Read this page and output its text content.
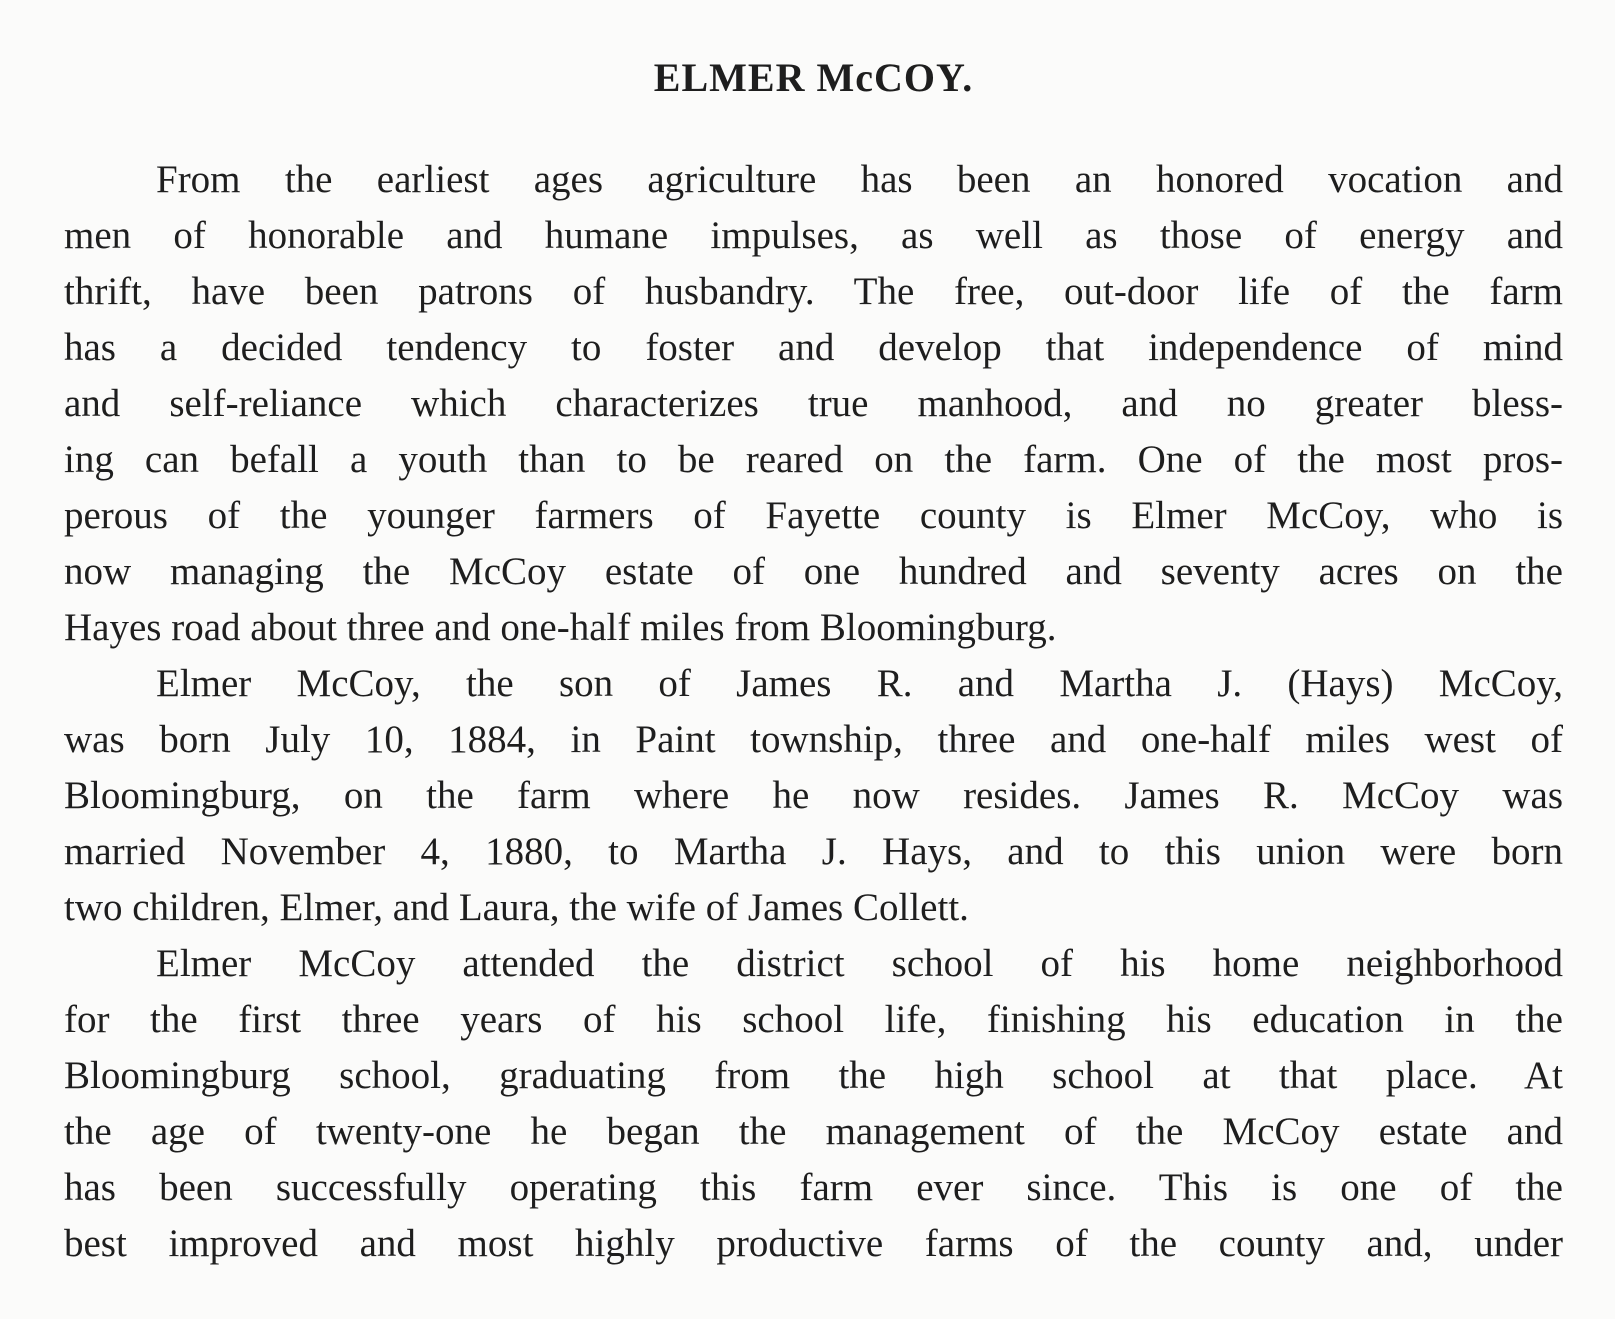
ELMER McCOY.
From the earliest ages agriculture has been an honored vocation and
men of honorable and humane impulses, as well as those of energy and
thrift, have been patrons of husbandry. The free, out-door life of the farm
has a decided tendency to foster and develop that independence of mind
and self-reliance which characterizes true manhood, and no greater bless-
ing can befall a youth than to be reared on the farm. One of the most pros-
perous of the younger farmers of Fayette county is Elmer McCoy, who is
now managing the McCoy estate of one hundred and seventy acres on the
Hayes road about three and one-half miles from Bloomingburg.
Elmer McCoy, the son of James R. and Martha J. (Hays) McCoy,
was born July 10, 1884, in Paint township, three and one-half miles west of
Bloomingburg, on the farm where he now resides. James R. McCoy was
married November 4, 1880, to Martha J. Hays, and to this union were born
two children, Elmer, and Laura, the wife of James Collett.
Elmer McCoy attended the district school of his home neighborhood
for the first three years of his school life, finishing his education in the
Bloomingburg school, graduating from the high school at that place. At
the age of twenty-one he began the management of the McCoy estate and
has been successfully operating this farm ever since. This is one of the
best improved and most highly productive farms of the county and, under
